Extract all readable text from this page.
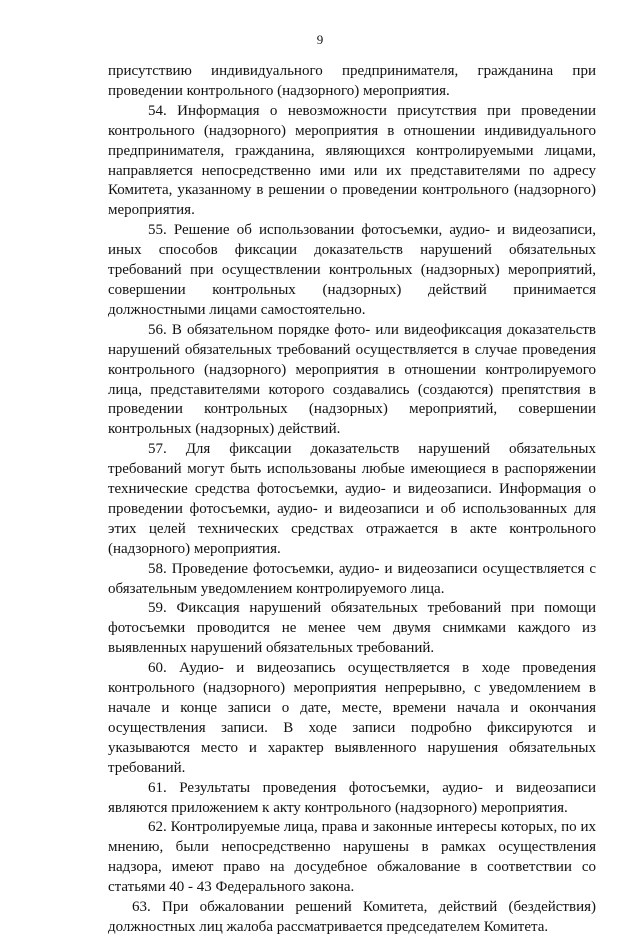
9

присутствию индивидуального предпринимателя, гражданина при проведении контрольного (надзорного) мероприятия.

54. Информация о невозможности присутствия при проведении контрольного (надзорного) мероприятия в отношении индивидуального предпринимателя, гражданина, являющихся контролируемыми лицами, направляется непосредственно ими или их представителями по адресу Комитета, указанному в решении о проведении контрольного (надзорного) мероприятия.

55. Решение об использовании фотосъемки, аудио- и видеозаписи, иных способов фиксации доказательств нарушений обязательных требований при осуществлении контрольных (надзорных) мероприятий, совершении контрольных (надзорных) действий принимается должностными лицами самостоятельно.

56. В обязательном порядке фото- или видеофиксация доказательств нарушений обязательных требований осуществляется в случае проведения контрольного (надзорного) мероприятия в отношении контролируемого лица, представителями которого создавались (создаются) препятствия в проведении контрольных (надзорных) мероприятий, совершении контрольных (надзорных) действий.

57. Для фиксации доказательств нарушений обязательных требований могут быть использованы любые имеющиеся в распоряжении технические средства фотосъемки, аудио- и видеозаписи. Информация о проведении фотосъемки, аудио- и видеозаписи и об использованных для этих целей технических средствах отражается в акте контрольного (надзорного) мероприятия.

58. Проведение фотосъемки, аудио- и видеозаписи осуществляется с обязательным уведомлением контролируемого лица.

59. Фиксация нарушений обязательных требований при помощи фотосъемки проводится не менее чем двумя снимками каждого из выявленных нарушений обязательных требований.

60. Аудио- и видеозапись осуществляется в ходе проведения контрольного (надзорного) мероприятия непрерывно, с уведомлением в начале и конце записи о дате, месте, времени начала и окончания осуществления записи. В ходе записи подробно фиксируются и указываются место и характер выявленного нарушения обязательных требований.

61. Результаты проведения фотосъемки, аудио- и видеозаписи являются приложением к акту контрольного (надзорного) мероприятия.

62. Контролируемые лица, права и законные интересы которых, по их мнению, были непосредственно нарушены в рамках осуществления надзора, имеют право на досудебное обжалование в соответствии со статьями 40 - 43 Федерального закона.

63. При обжаловании решений Комитета, действий (бездействия) должностных лиц жалоба рассматривается председателем Комитета.
